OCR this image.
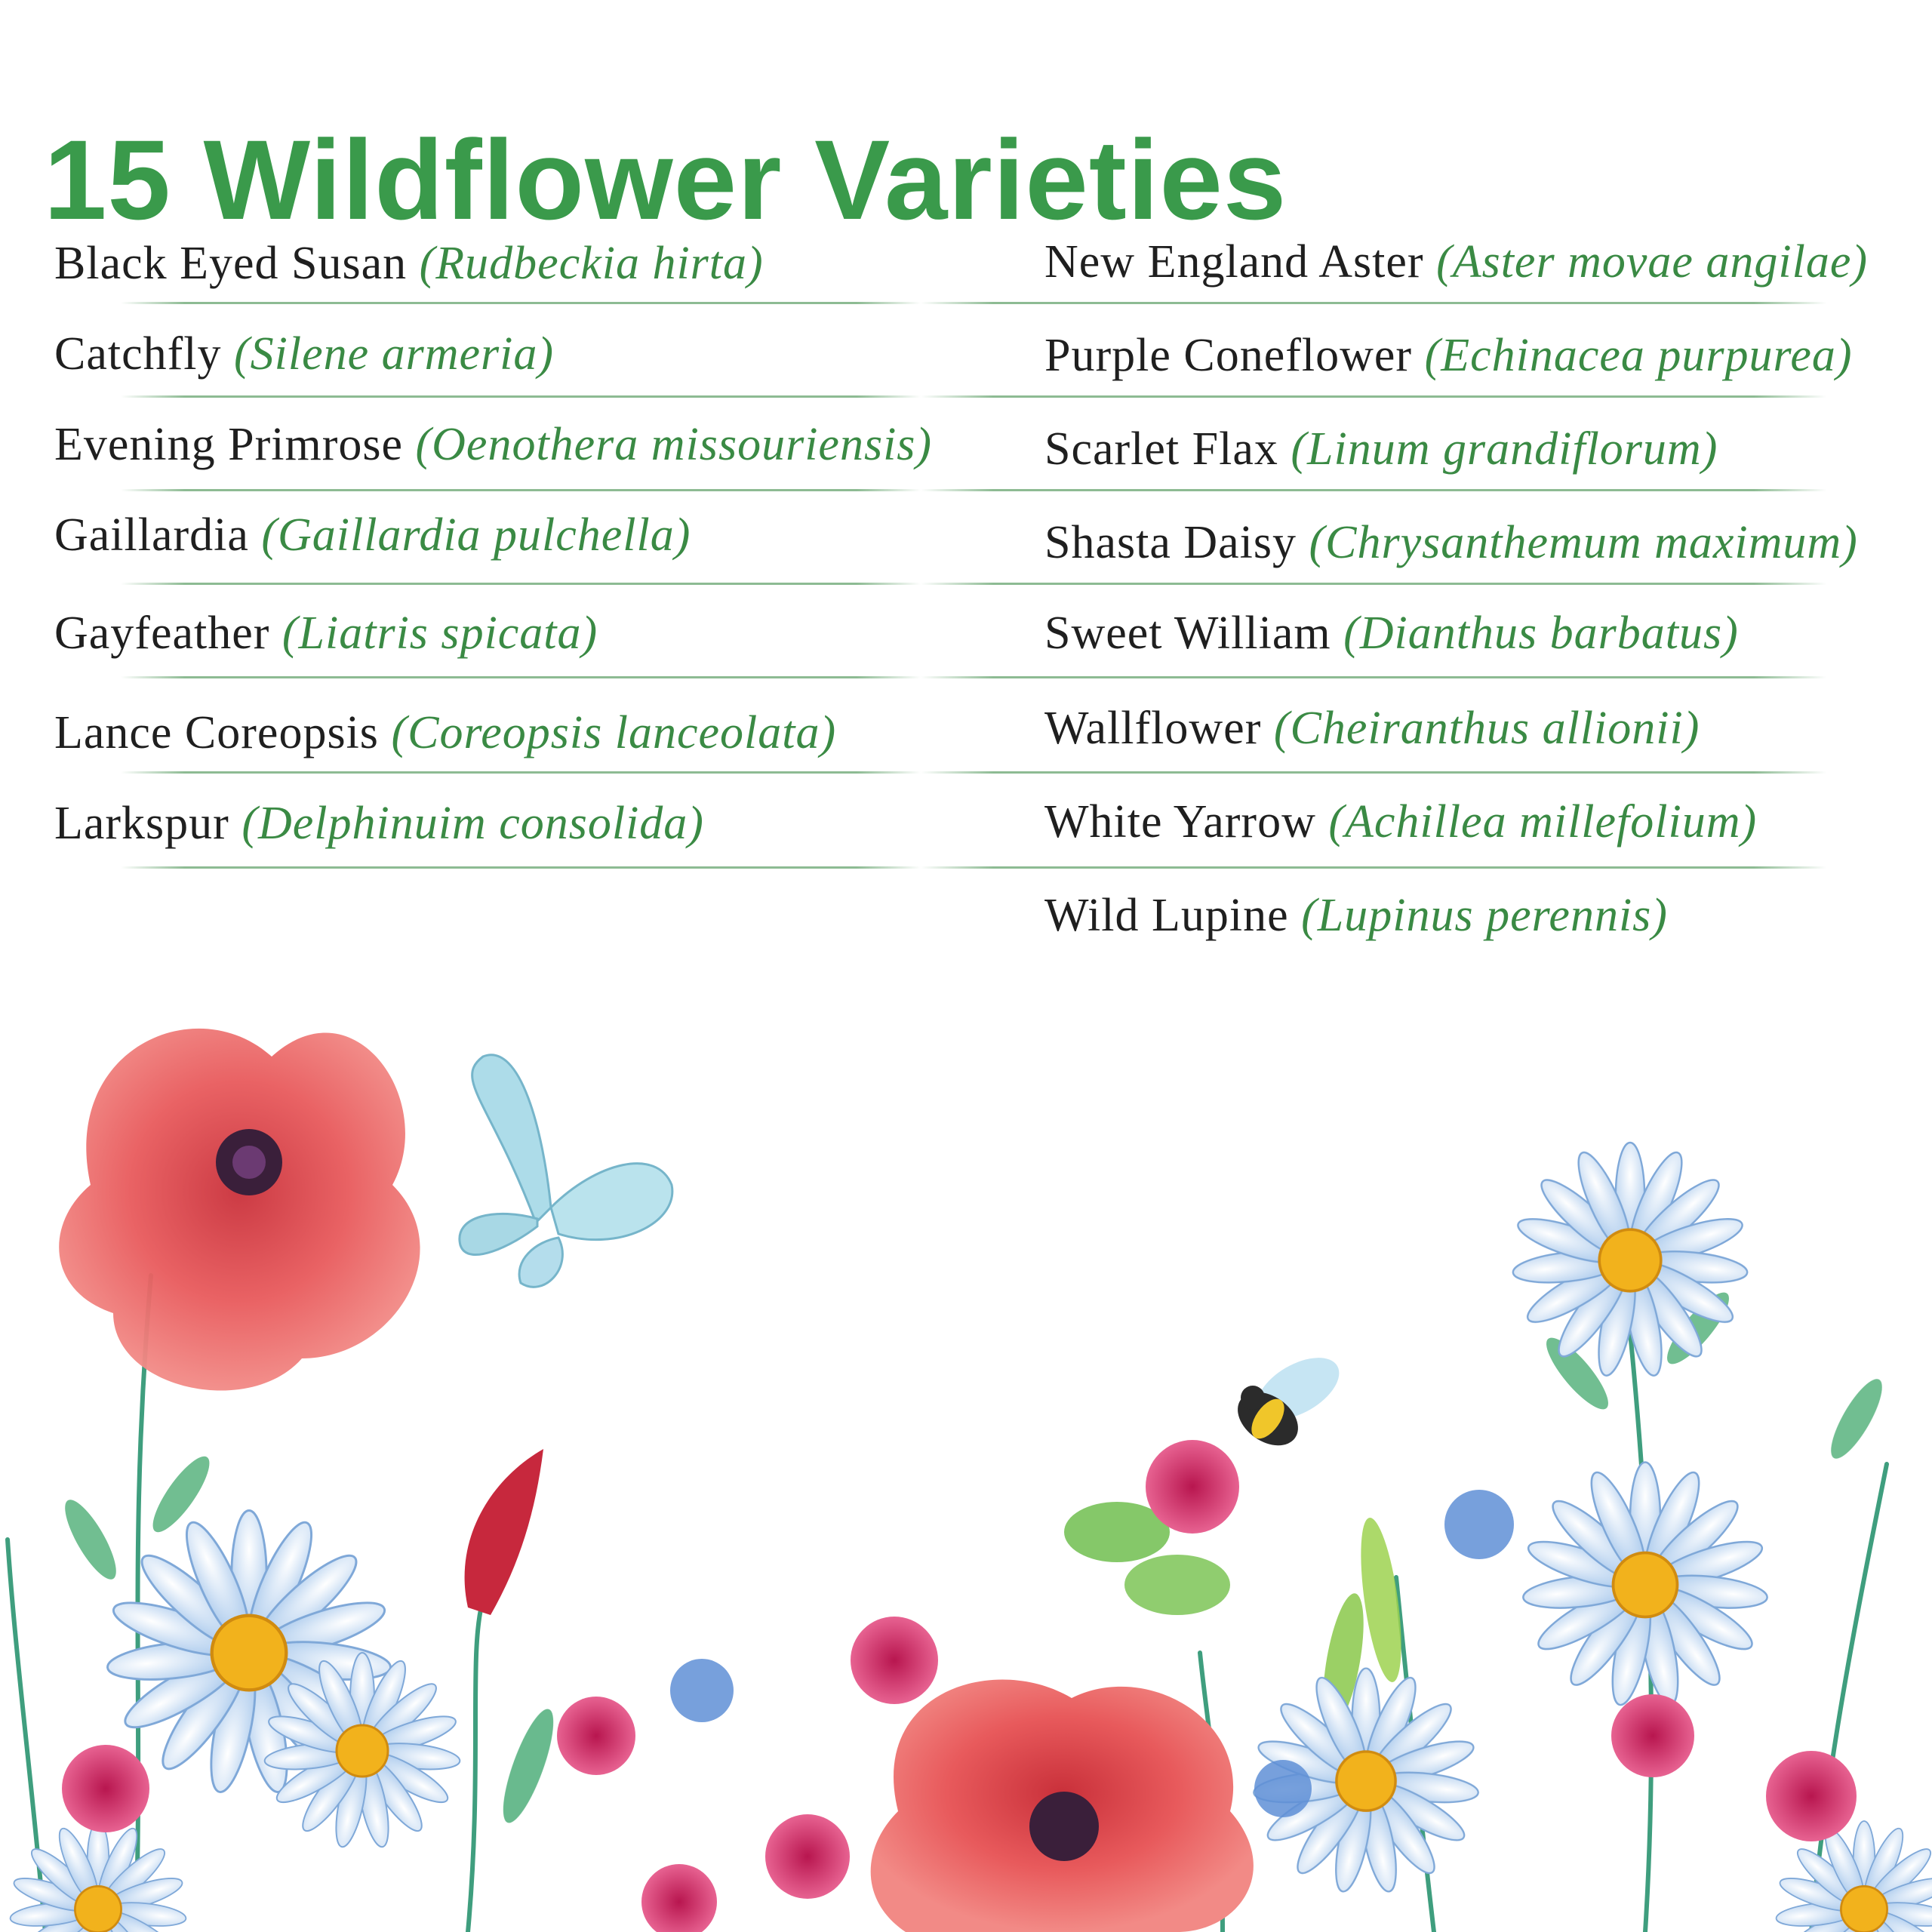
15 Wildflower Varieties
Black Eyed Susan (Rudbeckia hirta)
Catchfly (Silene armeria)
Evening Primrose (Oenothera missouriensis)
Gaillardia (Gaillardia pulchella)
Gayfeather (Liatris spicata)
Lance Coreopsis (Coreopsis lanceolata)
Larkspur (Delphinuim consolida)
New England Aster (Aster movae angilae)
Purple Coneflower (Echinacea purpurea)
Scarlet Flax (Linum grandiflorum)
Shasta Daisy (Chrysanthemum maximum)
Sweet William (Dianthus barbatus)
Wallflower (Cheiranthus allionii)
White Yarrow (Achillea millefolium)
Wild Lupine (Lupinus perennis)
